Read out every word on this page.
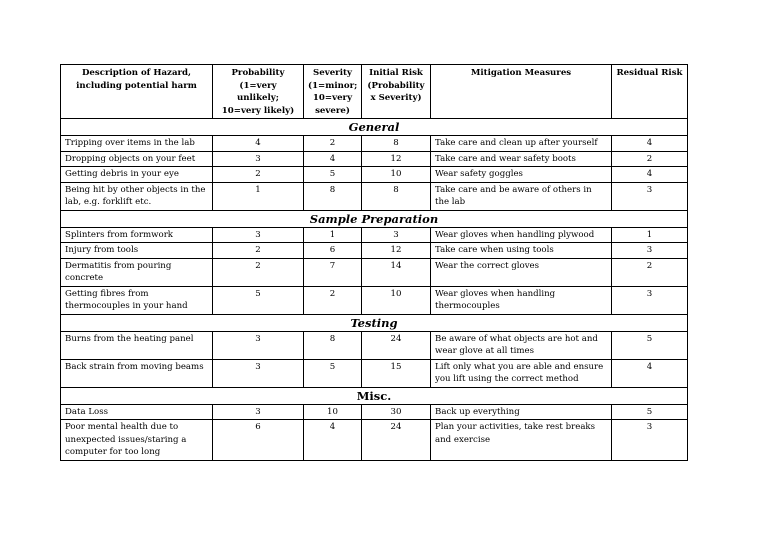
Description of Hazard, including potential harm	Probability (1=very unlikely; 10=very likely)	Severity (1=minor; 10=very severe)	Initial Risk (Probability x Severity)	Mitigation Measures	Residual Risk
General					
Tripping over items in the lab	4	2	8	Take care and clean up after yourself	4
Dropping objects on your feet	3	4	12	Take care and wear safety boots	2
Getting debris in your eye	2	5	10	Wear safety goggles	4
Being hit by other objects in the lab, e.g. forklift etc.	1	8	8	Take care and be aware of others in the lab	3
Sample Preparation					
Splinters from formwork	3	1	3	Wear gloves when handling plywood	1
Injury from tools	2	6	12	Take care when using tools	3
Dermatitis from pouring concrete	2	7	14	Wear the correct gloves	2
Getting fibres from thermocouples in your hand	5	2	10	Wear gloves when handling thermocouples	3
Testing					
Burns from the heating panel	3	8	24	Be aware of what objects are hot and wear glove at all times	5
Back strain from moving beams	3	5	15	Lift only what you are able and ensure you lift using the correct method	4
Misc.					
Data Loss	3	10	30	Back up everything	5
Poor mental health due to unexpected issues/staring a computer for too long	6	4	24	Plan your activities, take rest breaks and exercise	3
